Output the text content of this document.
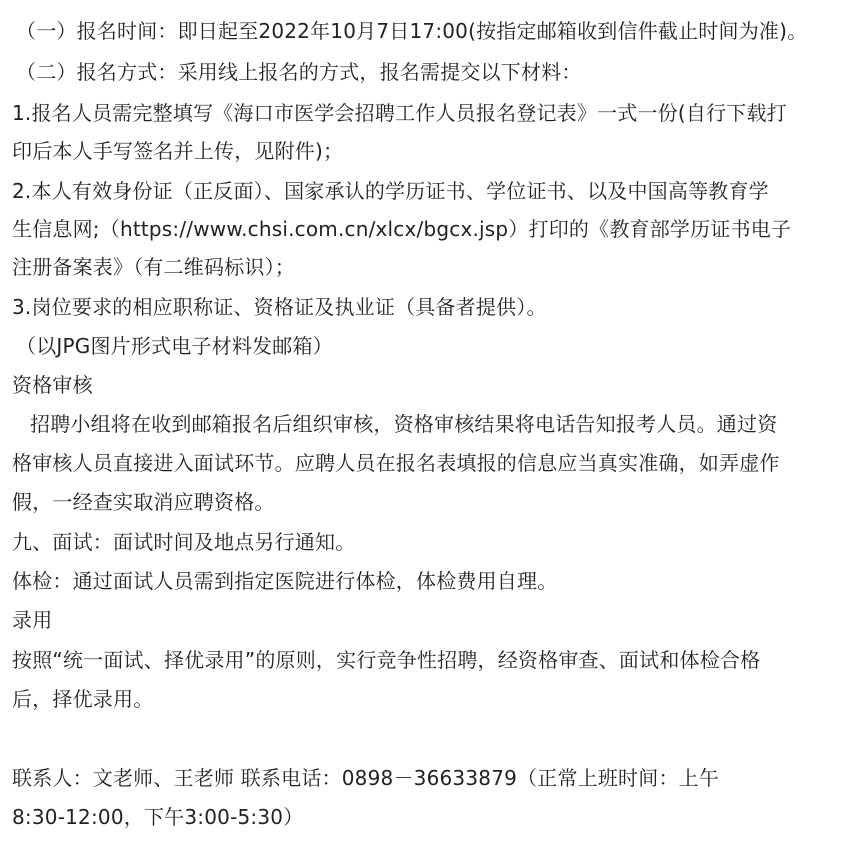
（一）报名时间：即日起至2022年10月7日17:00(按指定邮箱收到信件截止时间为准)。
（二）报名方式：采用线上报名的方式，报名需提交以下材料：
1.报名人员需完整填写《海口市医学会招聘工作人员报名登记表》一式一份(自行下载打
印后本人手写签名并上传，见附件)；
2.本人有效身份证（正反面）、国家承认的学历证书、学位证书、以及中国高等教育学
生信息网;（https://www.chsi.com.cn/xlcx/bgcx.jsp）打印的《教育部学历证书电子
注册备案表》（有二维码标识）；
3.岗位要求的相应职称证、资格证及执业证（具备者提供）。
（以JPG图片形式电子材料发邮箱）
资格审核
招聘小组将在收到邮箱报名后组织审核，资格审核结果将电话告知报考人员。通过资
格审核人员直接进入面试环节。应聘人员在报名表填报的信息应当真实准确，如弄虚作
假，一经查实取消应聘资格。
九、面试：面试时间及地点另行通知。
体检：通过面试人员需到指定医院进行体检，体检费用自理。
录用
按照“统一面试、择优录用”的原则，实行竞争性招聘，经资格审查、面试和体检合格
后，择优录用。
联系人：文老师、王老师 联系电话：0898－36633879（正常上班时间：上午
8:30-12:00，下午3:00-5:30）
